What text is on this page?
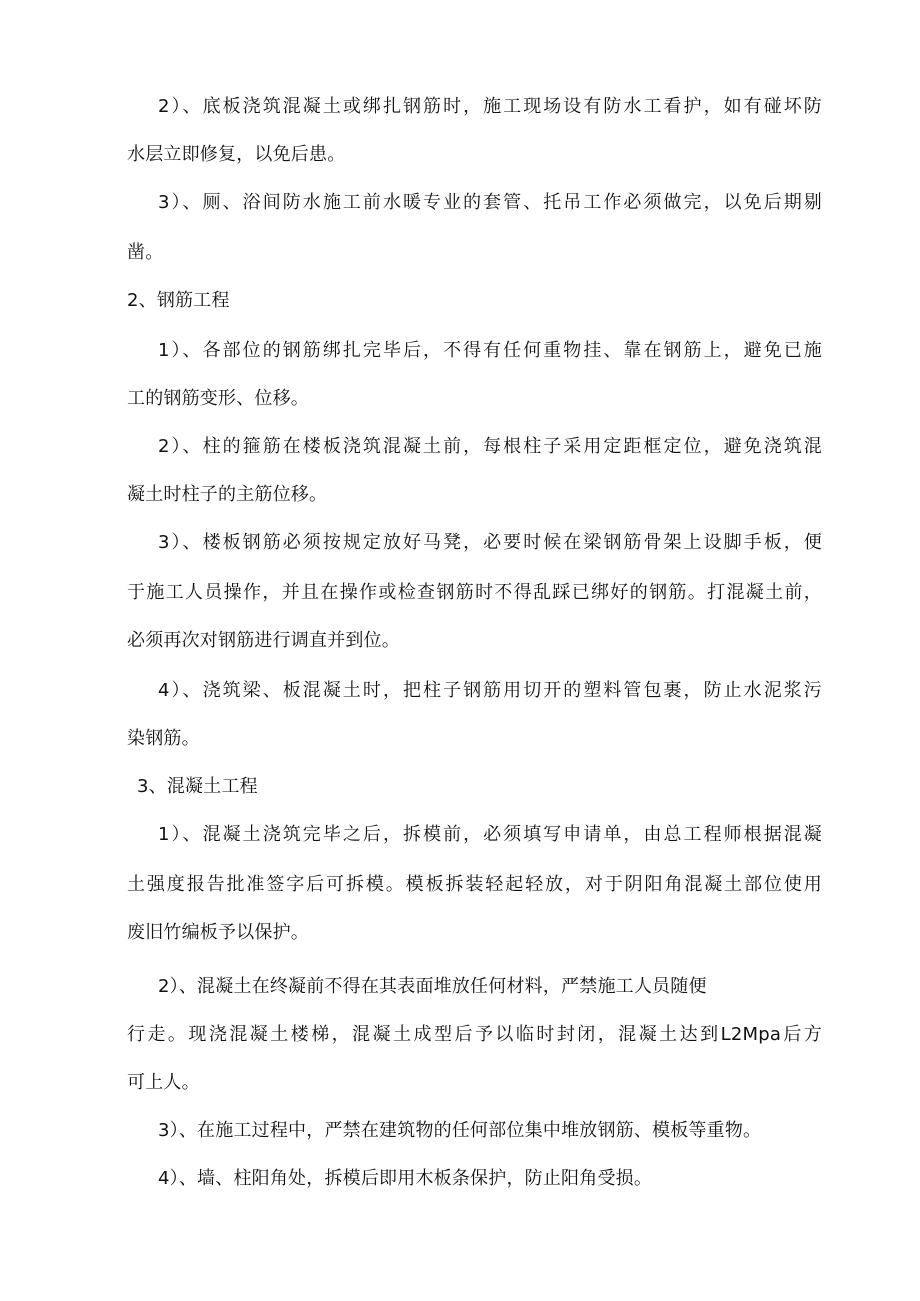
2）、底板浇筑混凝土或绑扎钢筋时，施工现场设有防水工看护，如有碰坏防
水层立即修复，以免后患。
3）、厕、浴间防水施工前水暖专业的套管、托吊工作必须做完，以免后期剔
凿。
2、钢筋工程
1）、各部位的钢筋绑扎完毕后，不得有任何重物挂、靠在钢筋上，避免已施
工的钢筋变形、位移。
2）、柱的箍筋在楼板浇筑混凝土前，每根柱子采用定距框定位，避免浇筑混
凝土时柱子的主筋位移。
3）、楼板钢筋必须按规定放好马凳，必要时候在梁钢筋骨架上设脚手板，便
于施工人员操作，并且在操作或检查钢筋时不得乱踩已绑好的钢筋。打混凝土前，
必须再次对钢筋进行调直并到位。
4）、浇筑梁、板混凝土时，把柱子钢筋用切开的塑料管包裹，防止水泥浆污
染钢筋。
3、混凝土工程
1）、混凝土浇筑完毕之后，拆模前，必须填写申请单，由总工程师根据混凝
土强度报告批准签字后可拆模。模板拆装轻起轻放，对于阴阳角混凝土部位使用
废旧竹编板予以保护。
2）、混凝土在终凝前不得在其表面堆放任何材料，严禁施工人员随便
行走。现浇混凝土楼梯，混凝土成型后予以临时封闭，混凝土达到L2Mpa后方
可上人。
3）、在施工过程中，严禁在建筑物的任何部位集中堆放钢筋、模板等重物。
4）、墙、柱阳角处，拆模后即用木板条保护，防止阳角受损。
